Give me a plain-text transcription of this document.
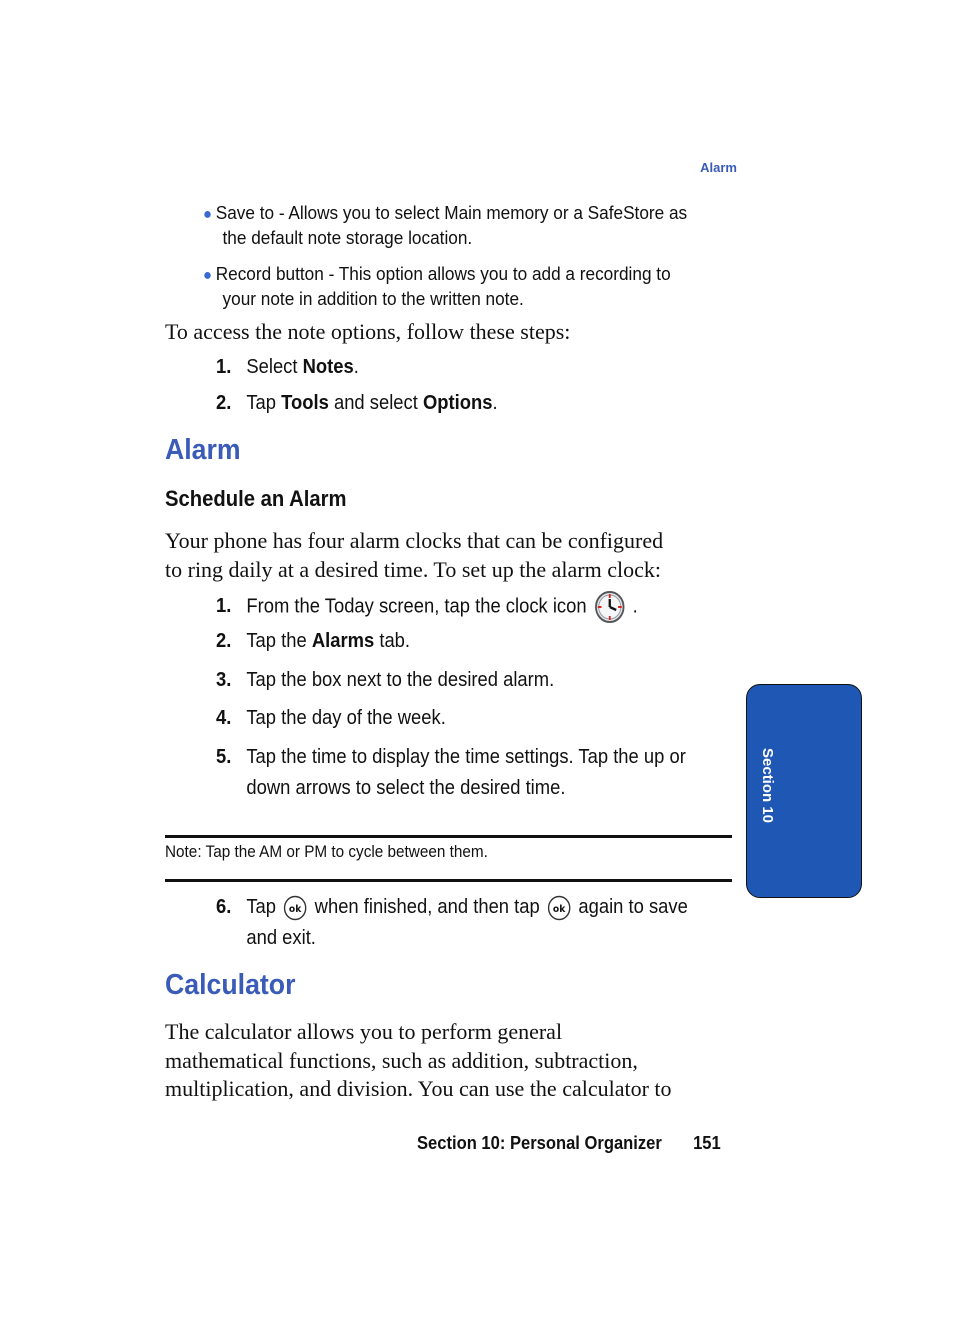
Alarm
● Save to - Allows you to select Main memory or a SafeStore as
the default note storage location.
● Record button - This option allows you to add a recording to
your note in addition to the written note.
To access the note options, follow these steps:
1. Select Notes.
2. Tap Tools and select Options.
Alarm
Schedule an Alarm
Your phone has four alarm clocks that can be configured
to ring daily at a desired time. To set up the alarm clock:
1. From the Today screen, tap the clock icon .
2. Tap the Alarms tab.
3. Tap the box next to the desired alarm.
4. Tap the day of the week.
5. Tap the time to display the time settings. Tap the up or
down arrows to select the desired time.
Note: Tap the AM or PM to cycle between them.
6. Tap ok when finished, and then tap ok again to save
and exit.
Calculator
The calculator allows you to perform general
mathematical functions, such as addition, subtraction,
multiplication, and division. You can use the calculator to
Section 10
Section 10: Personal Organizer 151
